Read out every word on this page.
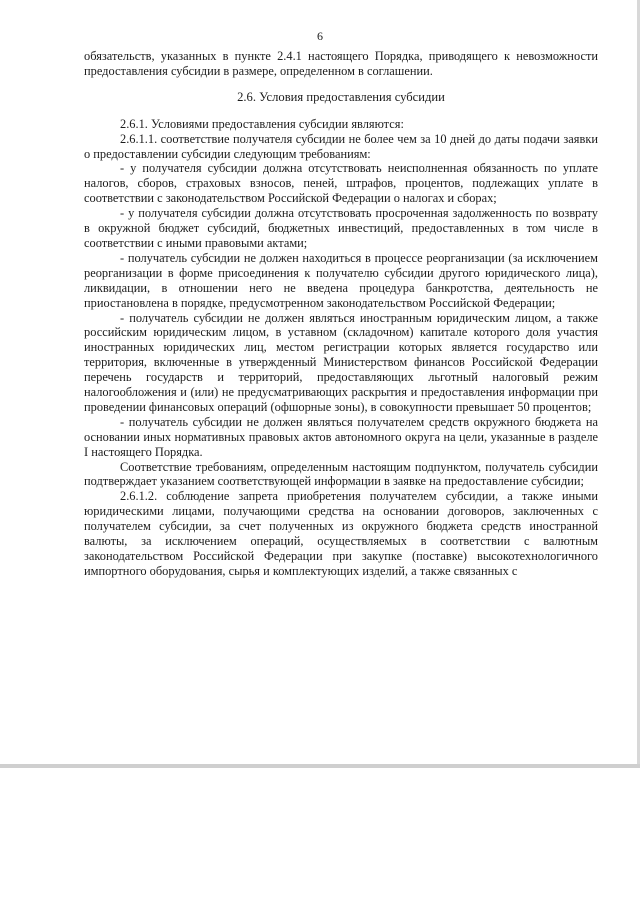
6

обязательств, указанных в пункте 2.4.1 настоящего Порядка, приводящего к невозможности предоставления субсидии в размере, определенном в соглашении.

2.6. Условия предоставления субсидии

2.6.1. Условиями предоставления субсидии являются:

2.6.1.1. соответствие получателя субсидии не более чем за 10 дней до даты подачи заявки о предоставлении субсидии следующим требованиям:

- у получателя субсидии должна отсутствовать неисполненная обязанность по уплате налогов, сборов, страховых взносов, пеней, штрафов, процентов, подлежащих уплате в соответствии с законодательством Российской Федерации о налогах и сборах;

- у получателя субсидии должна отсутствовать просроченная задолженность по возврату в окружной бюджет субсидий, бюджетных инвестиций, предоставленных в том числе в соответствии с иными правовыми актами;

- получатель субсидии не должен находиться в процессе реорганизации (за исключением реорганизации в форме присоединения к получателю субсидии другого юридического лица), ликвидации, в отношении него не введена процедура банкротства, деятельность не приостановлена в порядке, предусмотренном законодательством Российской Федерации;

- получатель субсидии не должен являться иностранным юридическим лицом, а также российским юридическим лицом, в уставном (складочном) капитале которого доля участия иностранных юридических лиц, местом регистрации которых является государство или территория, включенные в утвержденный Министерством финансов Российской Федерации перечень государств и территорий, предоставляющих льготный налоговый режим налогообложения и (или) не предусматривающих раскрытия и предоставления информации при проведении финансовых операций (офшорные зоны), в совокупности превышает 50 процентов;

- получатель субсидии не должен являться получателем средств окружного бюджета на основании иных нормативных правовых актов автономного округа на цели, указанные в разделе I настоящего Порядка.

Соответствие требованиям, определенным настоящим подпунктом, получатель субсидии подтверждает указанием соответствующей информации в заявке на предоставление субсидии;

2.6.1.2. соблюдение запрета приобретения получателем субсидии, а также иными юридическими лицами, получающими средства на основании договоров, заключенных с получателем субсидии, за счет полученных из окружного бюджета средств иностранной валюты, за исключением операций, осуществляемых в соответствии с валютным законодательством Российской Федерации при закупке (поставке) высокотехнологичного импортного оборудования, сырья и комплектующих изделий, а также связанных с
